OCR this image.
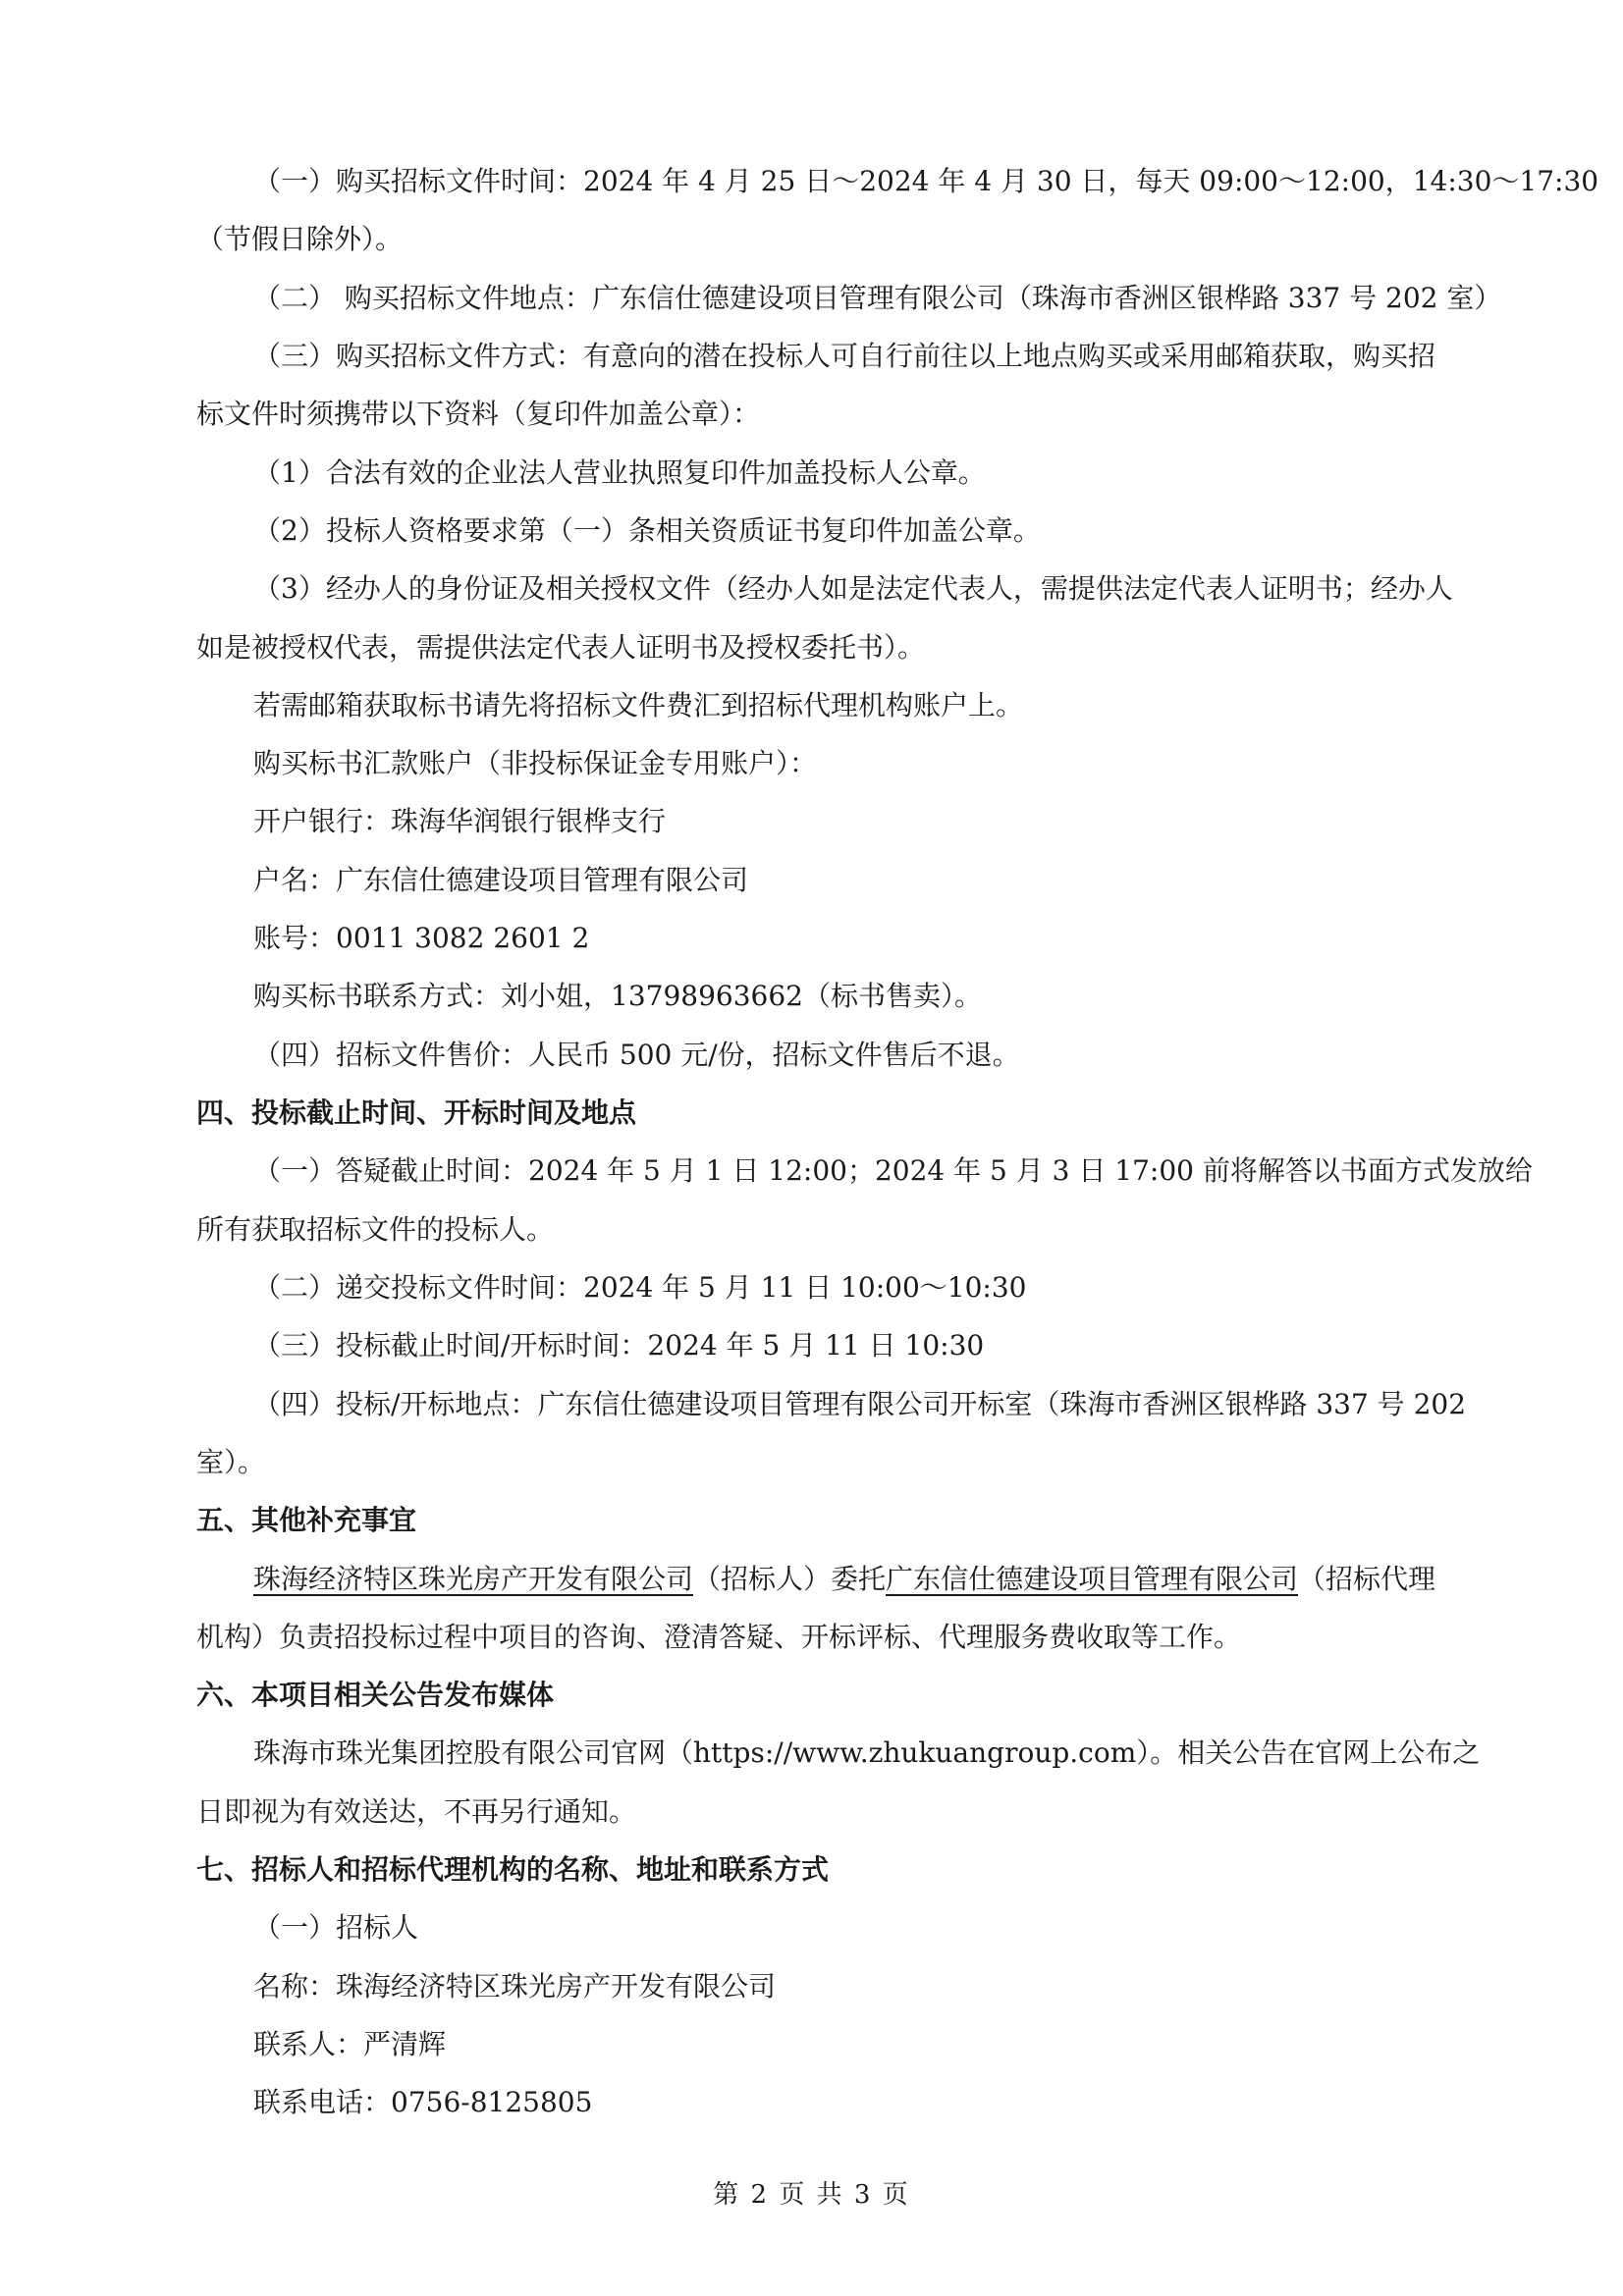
（一）购买招标文件时间：2024 年 4 月 25 日～2024 年 4 月 30 日，每天 09:00～12:00，14:30～17:30
（节假日除外）。
（二） 购买招标文件地点：广东信仕德建设项目管理有限公司（珠海市香洲区银桦路 337 号 202 室）
（三）购买招标文件方式：有意向的潜在投标人可自行前往以上地点购买或采用邮箱获取，购买招
标文件时须携带以下资料（复印件加盖公章）：
（1）合法有效的企业法人营业执照复印件加盖投标人公章。
（2）投标人资格要求第（一）条相关资质证书复印件加盖公章。
（3）经办人的身份证及相关授权文件（经办人如是法定代表人，需提供法定代表人证明书；经办人
如是被授权代表，需提供法定代表人证明书及授权委托书）。
若需邮箱获取标书请先将招标文件费汇到招标代理机构账户上。
购买标书汇款账户（非投标保证金专用账户）：
开户银行：珠海华润银行银桦支行
户名：广东信仕德建设项目管理有限公司
账号：0011 3082 2601 2
购买标书联系方式：刘小姐，13798963662（标书售卖）。
（四）招标文件售价：人民币 500 元/份，招标文件售后不退。
四、投标截止时间、开标时间及地点
（一）答疑截止时间：2024 年 5 月 1 日 12:00；2024 年 5 月 3 日 17:00 前将解答以书面方式发放给
所有获取招标文件的投标人。
（二）递交投标文件时间：2024 年 5 月 11 日 10:00～10:30
（三）投标截止时间/开标时间：2024 年 5 月 11 日 10:30
（四）投标/开标地点：广东信仕德建设项目管理有限公司开标室（珠海市香洲区银桦路 337 号 202
室）。
五、其他补充事宜
珠海经济特区珠光房产开发有限公司（招标人）委托广东信仕德建设项目管理有限公司（招标代理
机构）负责招投标过程中项目的咨询、澄清答疑、开标评标、代理服务费收取等工作。
六、本项目相关公告发布媒体
珠海市珠光集团控股有限公司官网（https://www.zhukuangroup.com）。相关公告在官网上公布之
日即视为有效送达，不再另行通知。
七、招标人和招标代理机构的名称、地址和联系方式
（一）招标人
名称：珠海经济特区珠光房产开发有限公司
联系人：严清辉
联系电话：0756-8125805
第 2 页 共 3 页
